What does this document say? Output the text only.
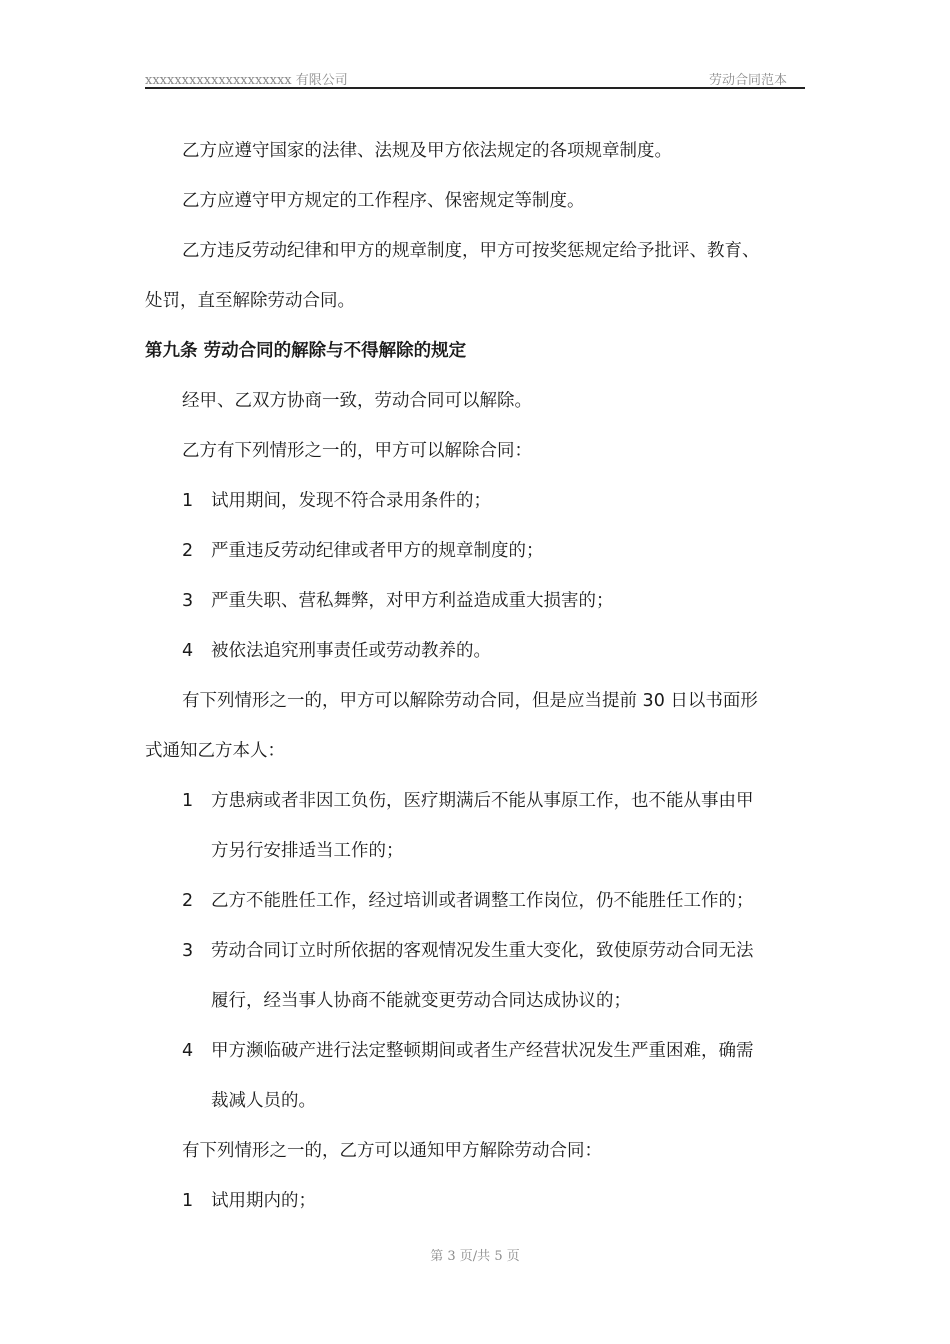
xxxxxxxxxxxxxxxxxxxx 有限公司	劳动合同范本
乙方应遵守国家的法律、法规及甲方依法规定的各项规章制度。
乙方应遵守甲方规定的工作程序、保密规定等制度。
乙方违反劳动纪律和甲方的规章制度，甲方可按奖惩规定给予批评、教育、
处罚，直至解除劳动合同。
第九条 劳动合同的解除与不得解除的规定
经甲、乙双方协商一致，劳动合同可以解除。
乙方有下列情形之一的，甲方可以解除合同：
1 试用期间，发现不符合录用条件的；
2 严重违反劳动纪律或者甲方的规章制度的；
3 严重失职、营私舞弊，对甲方利益造成重大损害的；
4 被依法追究刑事责任或劳动教养的。
有下列情形之一的，甲方可以解除劳动合同，但是应当提前 30 日以书面形
式通知乙方本人：
1 方患病或者非因工负伤，医疗期满后不能从事原工作，也不能从事由甲
方另行安排适当工作的；
2 乙方不能胜任工作，经过培训或者调整工作岗位，仍不能胜任工作的；
3 劳动合同订立时所依据的客观情况发生重大变化，致使原劳动合同无法
履行，经当事人协商不能就变更劳动合同达成协议的；
4 甲方濒临破产进行法定整顿期间或者生产经营状况发生严重困难，确需
裁减人员的。
有下列情形之一的，乙方可以通知甲方解除劳动合同：
1 试用期内的；
第 3 页/共 5 页
